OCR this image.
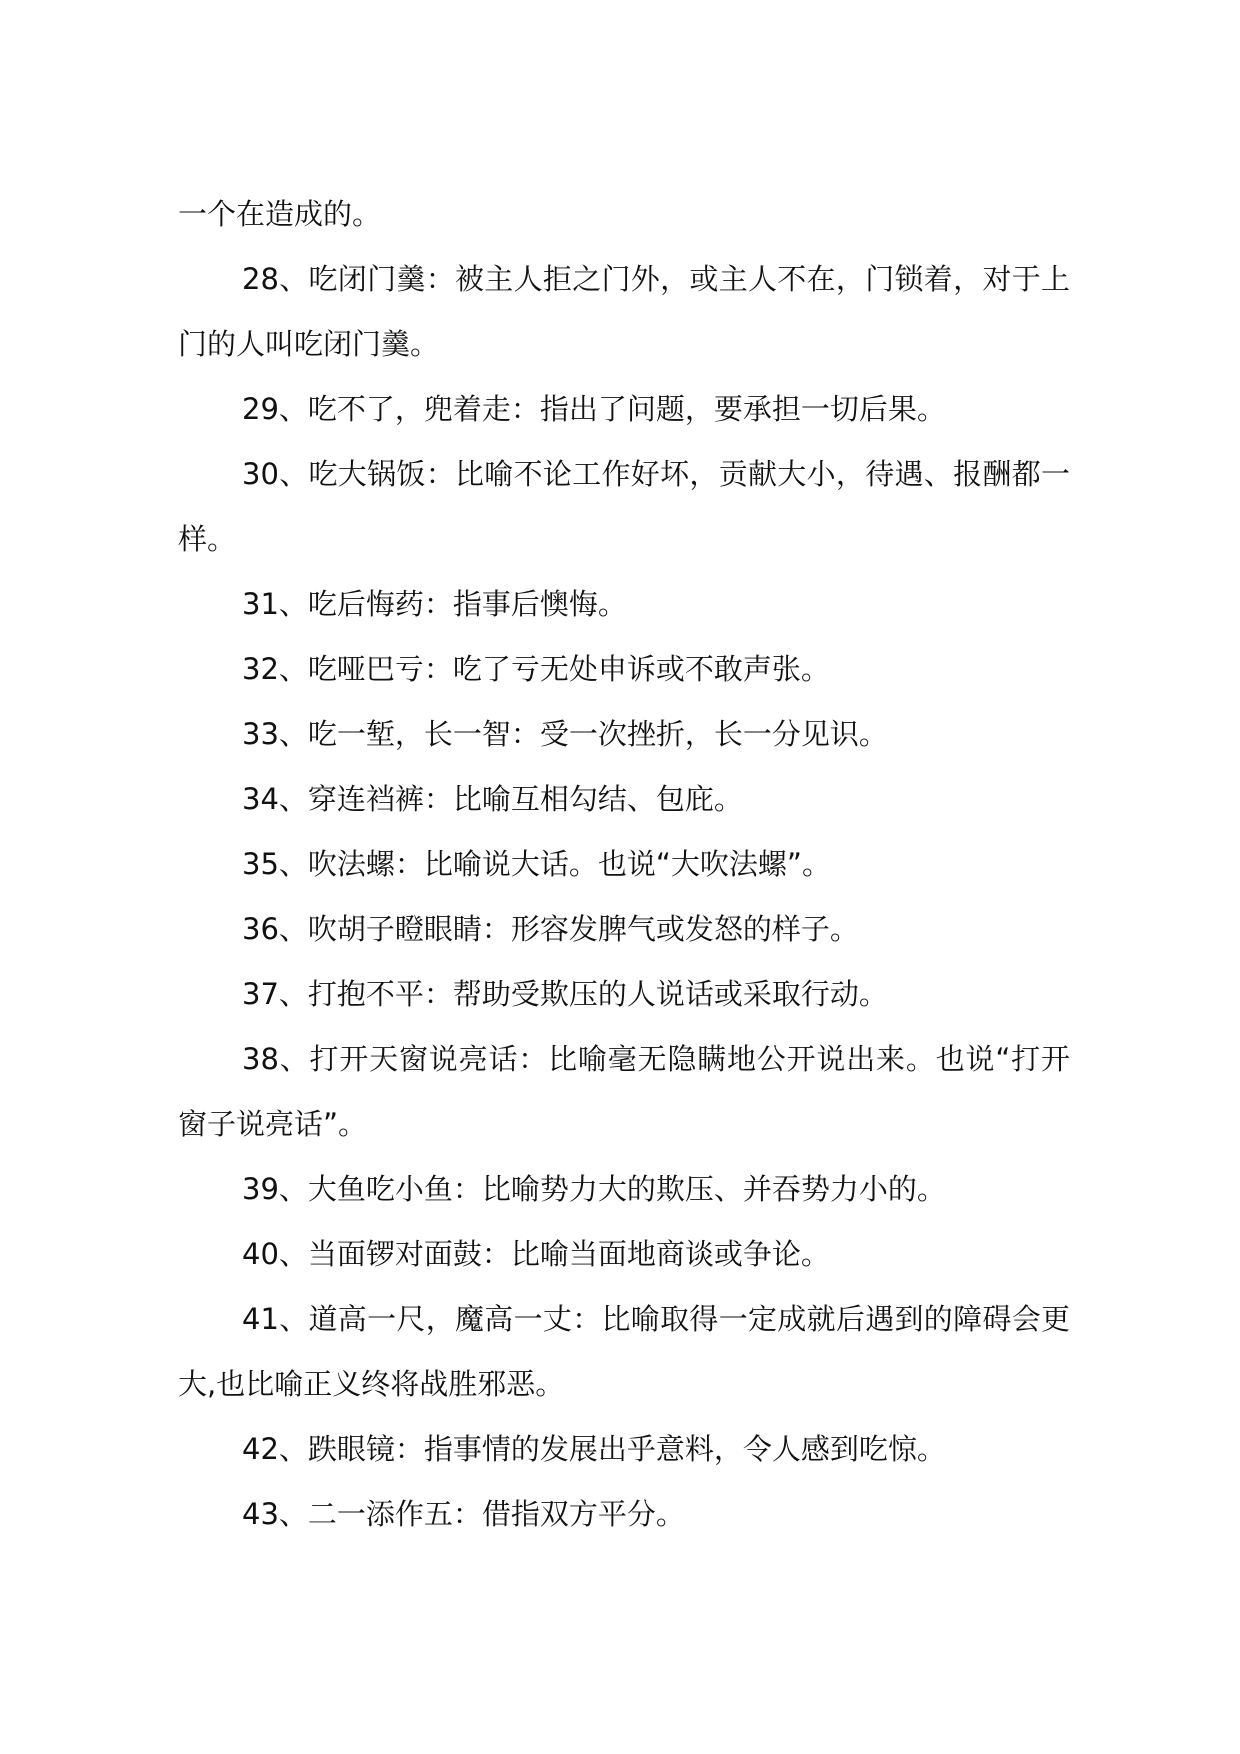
一个在造成的。

28、吃闭门羹：被主人拒之门外，或主人不在，门锁着，对于上门的人叫吃闭门羹。

29、吃不了，兜着走：指出了问题，要承担一切后果。

30、吃大锅饭：比喻不论工作好坏，贡献大小，待遇、报酬都一样。

31、吃后悔药：指事后懊悔。

32、吃哑巴亏：吃了亏无处申诉或不敢声张。

33、吃一堑，长一智：受一次挫折，长一分见识。

34、穿连裆裤：比喻互相勾结、包庇。

35、吹法螺：比喻说大话。也说“大吹法螺”。

36、吹胡子瞪眼睛：形容发脾气或发怒的样子。

37、打抱不平：帮助受欺压的人说话或采取行动。

38、打开天窗说亮话：比喻毫无隐瞒地公开说出来。也说“打开窗子说亮话”。

39、大鱼吃小鱼：比喻势力大的欺压、并吞势力小的。

40、当面锣对面鼓：比喻当面地商谈或争论。

41、道高一尺，魔高一丈：比喻取得一定成就后遇到的障碍会更大,也比喻正义终将战胜邪恶。

42、跌眼镜：指事情的发展出乎意料，令人感到吃惊。

43、二一添作五：借指双方平分。
